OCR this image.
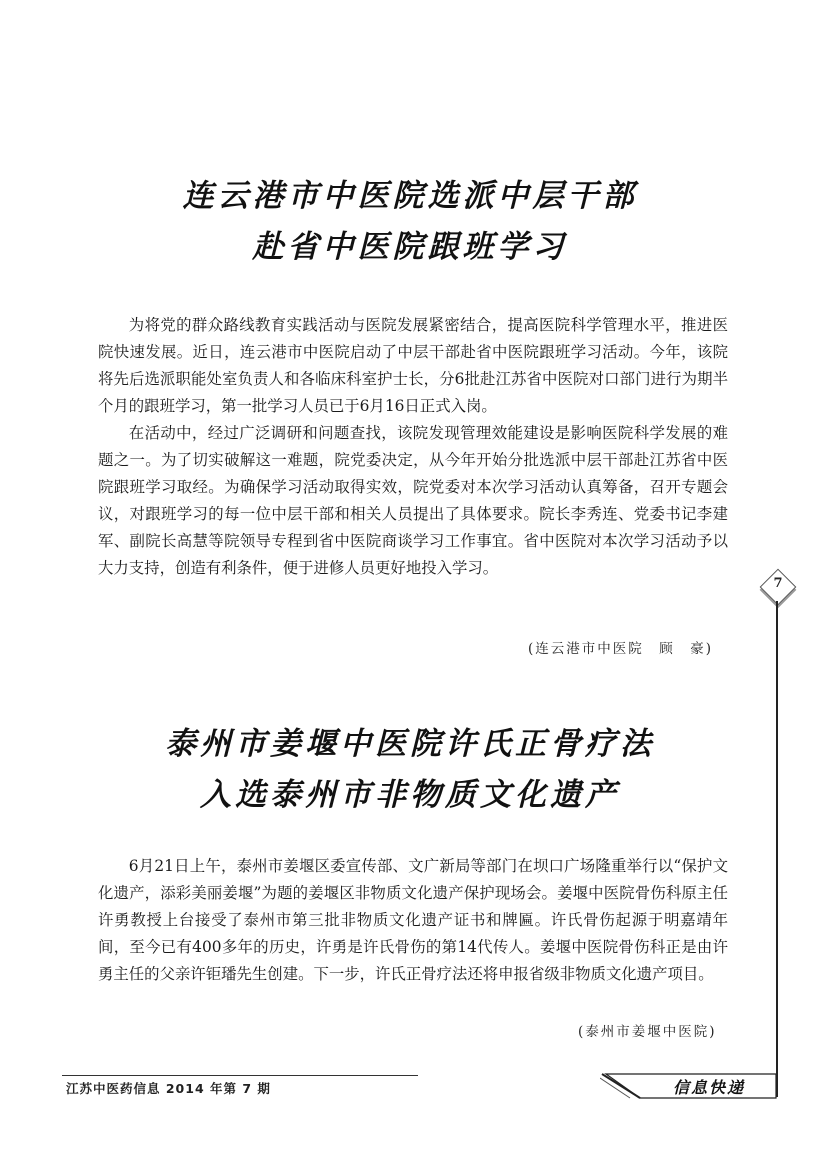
连云港市中医院选派中层干部
赴省中医院跟班学习

为将党的群众路线教育实践活动与医院发展紧密结合，提高医院科学管理水平，推进医院快速发展。近日，连云港市中医院启动了中层干部赴省中医院跟班学习活动。今年，该院将先后选派职能处室负责人和各临床科室护士长，分6批赴江苏省中医院对口部门进行为期半个月的跟班学习，第一批学习人员已于6月16日正式入岗。

在活动中，经过广泛调研和问题查找，该院发现管理效能建设是影响医院科学发展的难题之一。为了切实破解这一难题，院党委决定，从今年开始分批选派中层干部赴江苏省中医院跟班学习取经。为确保学习活动取得实效，院党委对本次学习活动认真筹备，召开专题会议，对跟班学习的每一位中层干部和相关人员提出了具体要求。院长李秀连、党委书记李建军、副院长高慧等院领导专程到省中医院商谈学习工作事宜。省中医院对本次学习活动予以大力支持，创造有利条件，便于进修人员更好地投入学习。

(连云港市中医院　顾　豪)
泰州市姜堰中医院许氏正骨疗法
入选泰州市非物质文化遗产

6月21日上午，泰州市姜堰区委宣传部、文广新局等部门在坝口广场隆重举行以“保护文化遗产，添彩美丽姜堰”为题的姜堰区非物质文化遗产保护现场会。姜堰中医院骨伤科原主任许勇教授上台接受了泰州市第三批非物质文化遗产证书和牌匾。许氏骨伤起源于明嘉靖年间，至今已有400多年的历史，许勇是许氏骨伤的第14代传人。姜堰中医院骨伤科正是由许勇主任的父亲许钜璠先生创建。下一步，许氏正骨疗法还将申报省级非物质文化遗产项目。

(泰州市姜堰中医院)
7
江苏中医药信息 2014 年第 7 期	信息快递
